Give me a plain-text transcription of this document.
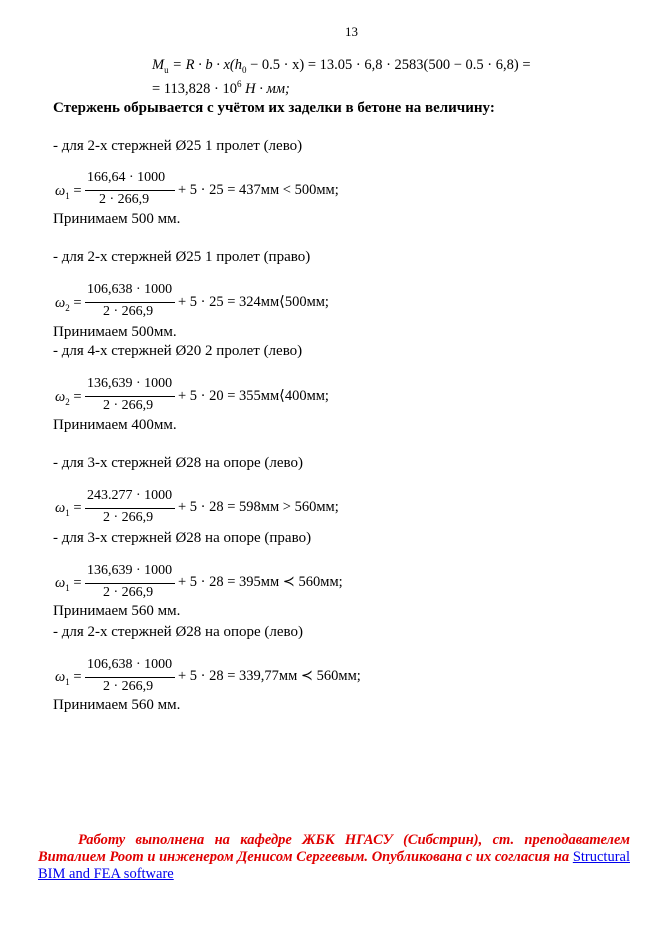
13
$M_u = R \cdot b \cdot x(h_0 - 0.5 \cdot x) = 13.05 \cdot 6,8 \cdot 2583(500 - 0.5 \cdot 6,8)$ =
= $113,828 \cdot 10^6$ H · мм;
Стержень обрывается с учётом их заделки в бетоне на величину:
- для 2-х стержней Ø25 1 пролет (лево)
$\omega_1$ =
166,64 · 1000
2 · 266,9
+ 5 · 25 = 437мм < 500мм;
Принимаем 500 мм.
- для 2-х стержней Ø25 1 пролет (право)
$\omega_2$ =
106,638 · 1000
2 · 266,9
+ 5 · 25 = 324мм⟨500мм;
Принимаем 500мм.
- для 4-х стержней Ø20 2 пролет (лево)
$\omega_2$ =
136,639 · 1000
2 · 266,9
+ 5 · 20 = 355мм⟨400мм;
Принимаем 400мм.
- для 3-х стержней Ø28 на опоре (лево)
$\omega_1$ =
243.277 · 1000
2 · 266,9
+ 5 · 28 = 598мм > 560мм;
- для 3-х стержней Ø28 на опоре (право)
$\omega_1$ =
136,639 · 1000
2 · 266,9
+ 5 · 28 = 395мм ≺ 560мм;
Принимаем 560 мм.
- для 2-х стержней Ø28 на опоре (лево)
$\omega_1$ =
106,638 · 1000
2 · 266,9
+ 5 · 28 = 339,77мм ≺ 560мм;
Принимаем 560 мм.
Работу выполнена на кафедре ЖБК НГАСУ (Сибстрин), ст. преподавателем Виталием Роот и инженером Денисом Сергеевым. Опубликована с их согласия на Structural BIM and FEA software
